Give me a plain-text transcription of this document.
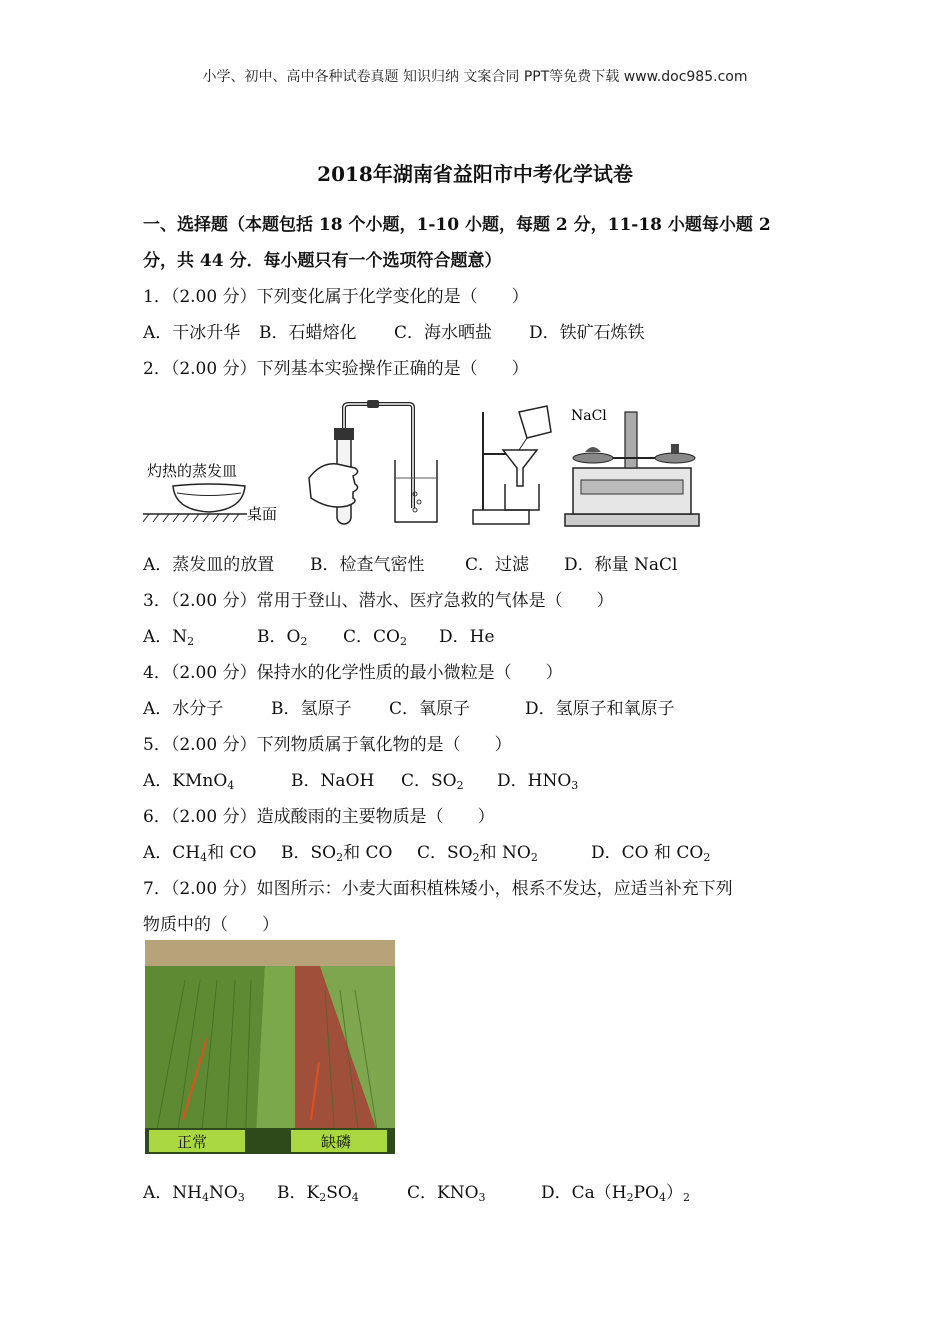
小学、初中、高中各种试卷真题 知识归纳 文案合同 PPT等免费下载 www.doc985.com
2018年湖南省益阳市中考化学试卷
一、选择题（本题包括 18 个小题，1-10 小题，每题 2 分，11-18 小题每小题 2
分，共 44 分．每小题只有一个选项符合题意）
1．（2.00 分）下列变化属于化学变化的是（　　）
A．干冰升华 B．石蜡熔化 C．海水晒盐 D．铁矿石炼铁
2．（2.00 分）下列基本实验操作正确的是（　　）
灼热的蒸发皿
桌面
NaCl
A．蒸发皿的放置 B．检查气密性 C．过滤 D．称量 NaCl
3．（2.00 分）常用于登山、潜水、医疗急救的气体是（　　）
A．$N_2$	B．$O_2$ C．$CO_2$ D．He
4．（2.00 分）保持水的化学性质的最小微粒是（　　）
A．水分子	B．氢原子 C．氧原子	D．氢原子和氧原子
5．（2.00 分）下列物质属于氧化物的是（　　）
A．KMnO$_4$	B．NaOH C．$SO_2$ D．$HNO_3$
6．（2.00 分）造成酸雨的主要物质是（　　）
A．$CH_4$和 CO B．$SO_2$和 CO C．$SO_2$和 $NO_2$	D．CO 和 $CO_2$
7．（2.00 分）如图所示：小麦大面积植株矮小，根系不发达，应适当补充下列
物质中的（　　）
正常	缺磷
A．$NH_4NO_3$ B．$K_2SO_4$	C．$KNO_3$	D．$Ca(H_2PO_4)_2$
